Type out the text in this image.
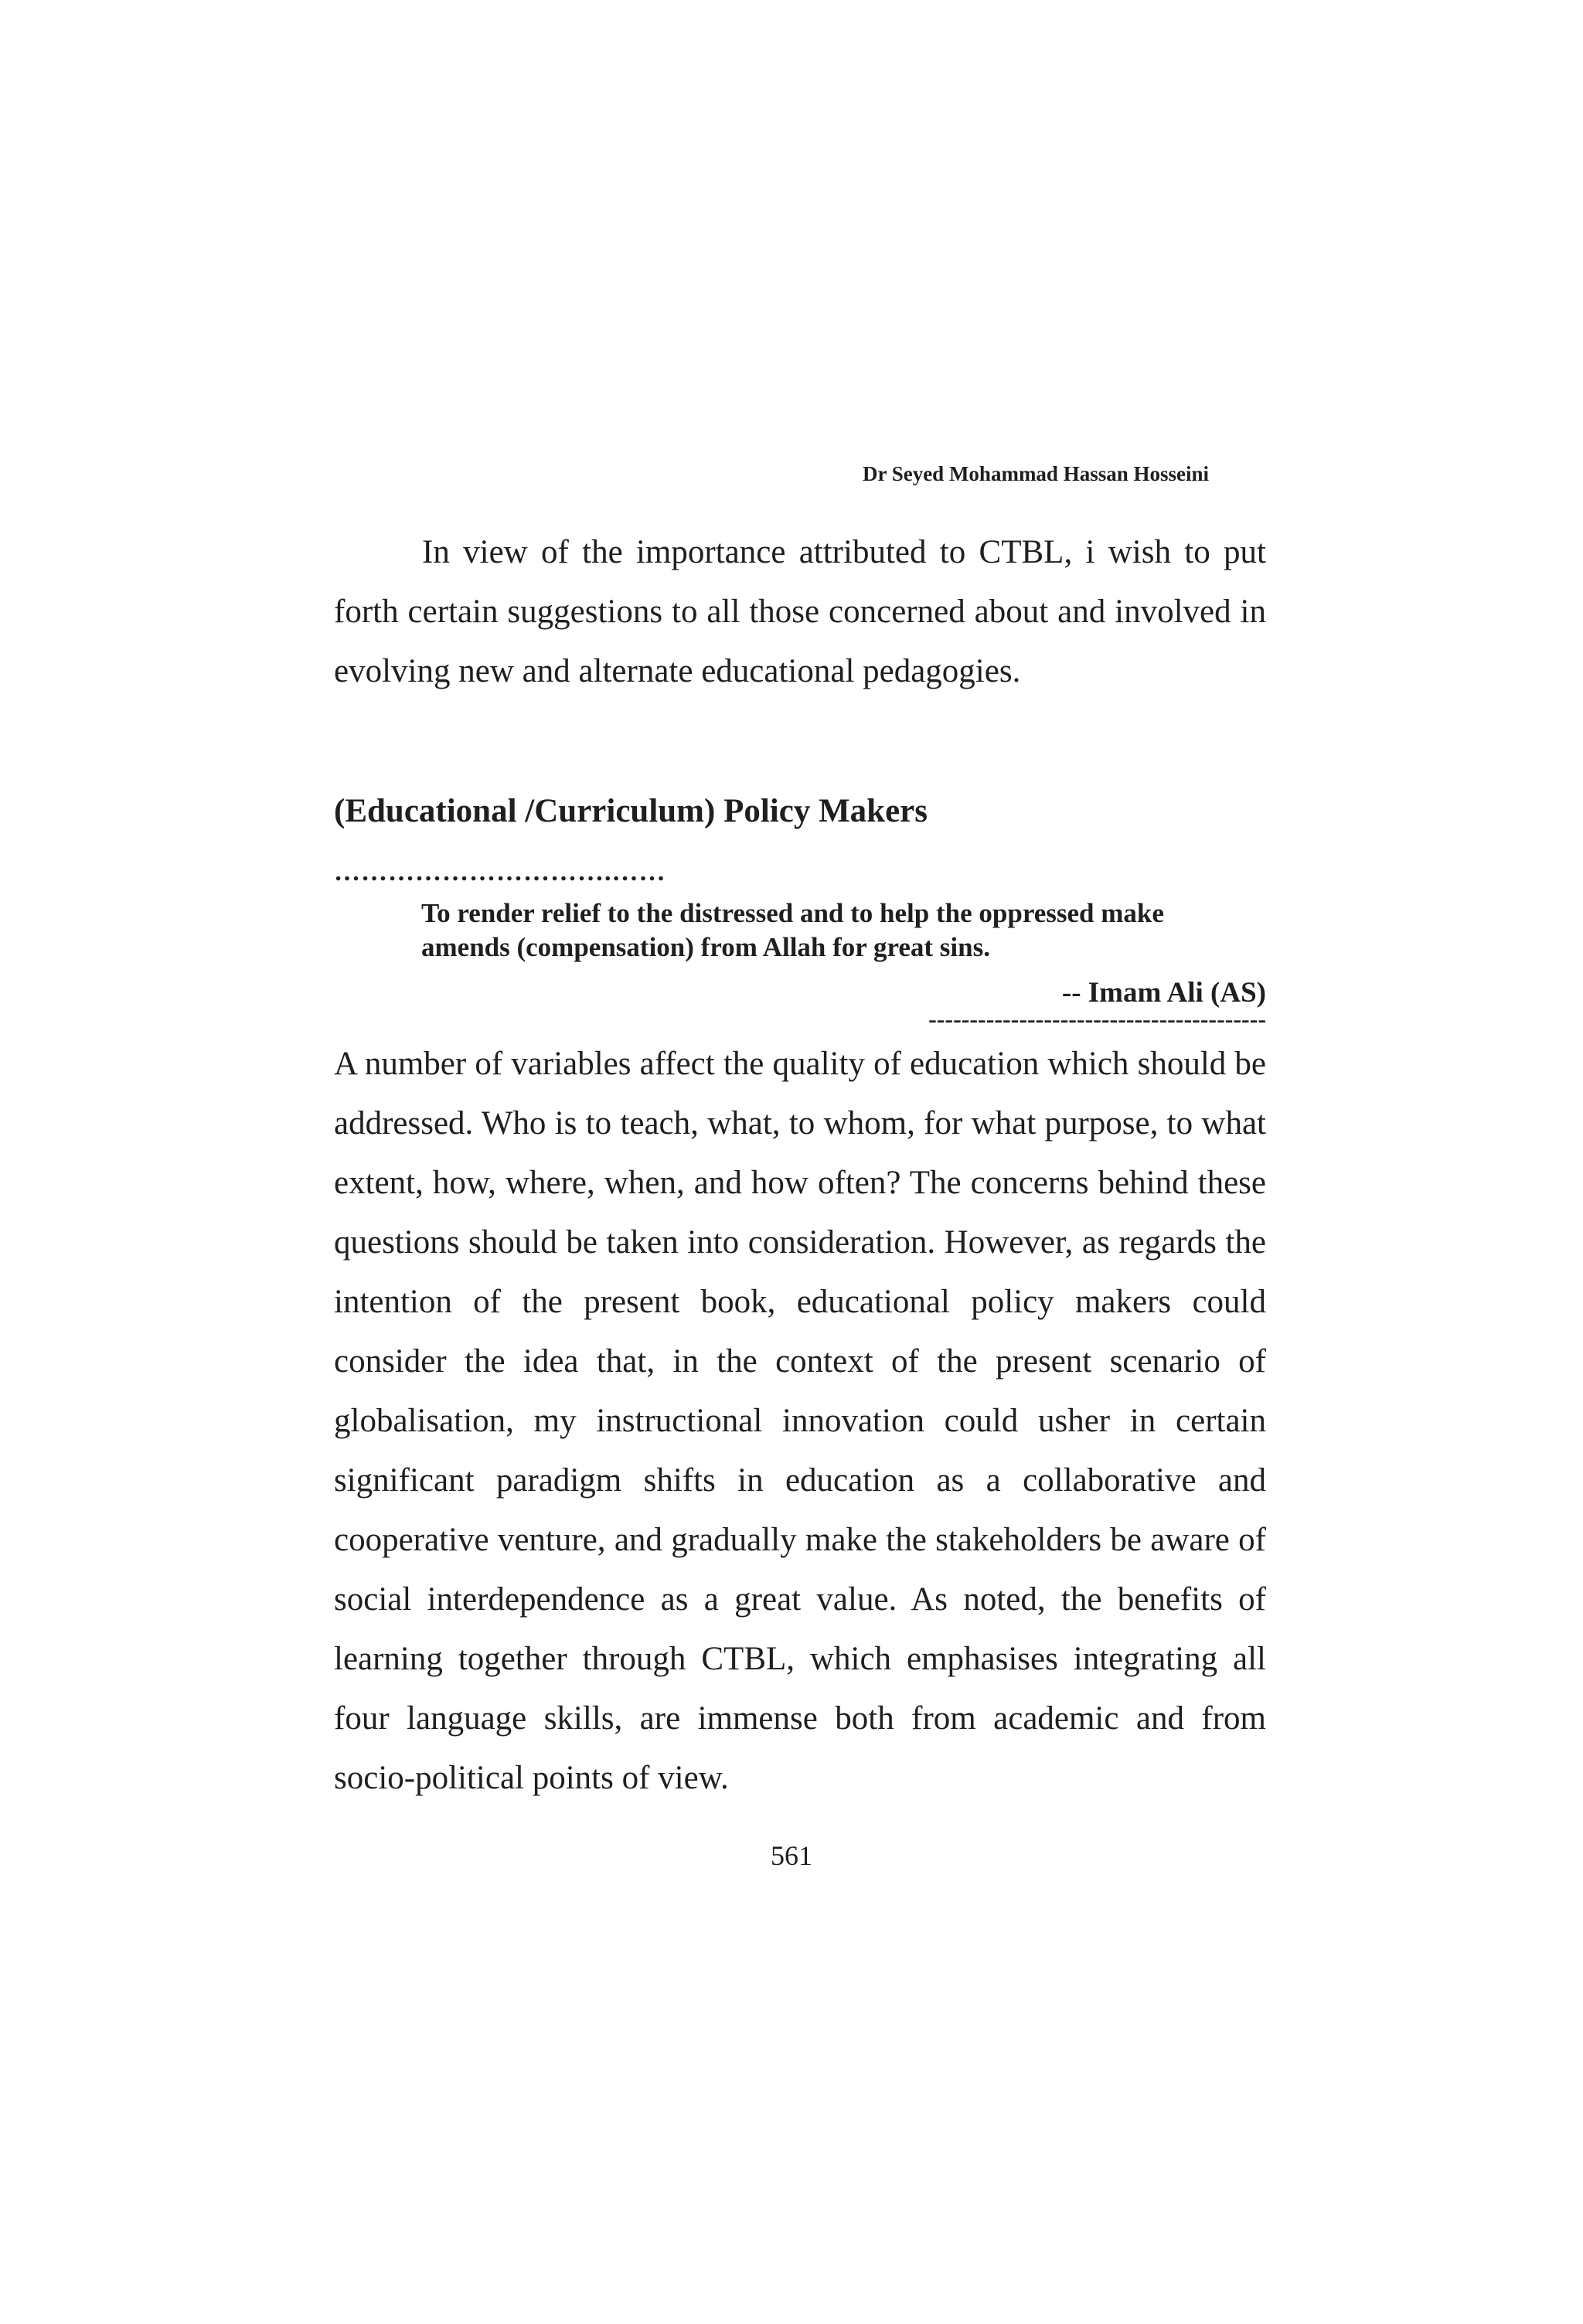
Dr Seyed Mohammad Hassan Hosseini
In view of the importance attributed to CTBL, i wish to put forth certain suggestions to all those concerned about and involved in evolving new and alternate educational pedagogies.
(Educational /Curriculum) Policy Makers
………………………….……
To render relief to the distressed and to help the oppressed make
amends (compensation) from Allah for great sins.
-- Imam Ali (AS)
-----------------------------------------

A number of variables affect the quality of education which should be addressed. Who is to teach, what, to whom, for what purpose, to what extent, how, where, when, and how often? The concerns behind these questions should be taken into consideration. However, as regards the intention of the present book, educational policy makers could consider the idea that, in the context of the present scenario of globalisation, my instructional innovation could usher in certain significant paradigm shifts in education as a collaborative and cooperative venture, and gradually make the stakeholders be aware of social interdependence as a great value. As noted, the benefits of learning together through CTBL, which emphasises integrating all four language skills, are immense both from academic and from socio-political points of view.

561
